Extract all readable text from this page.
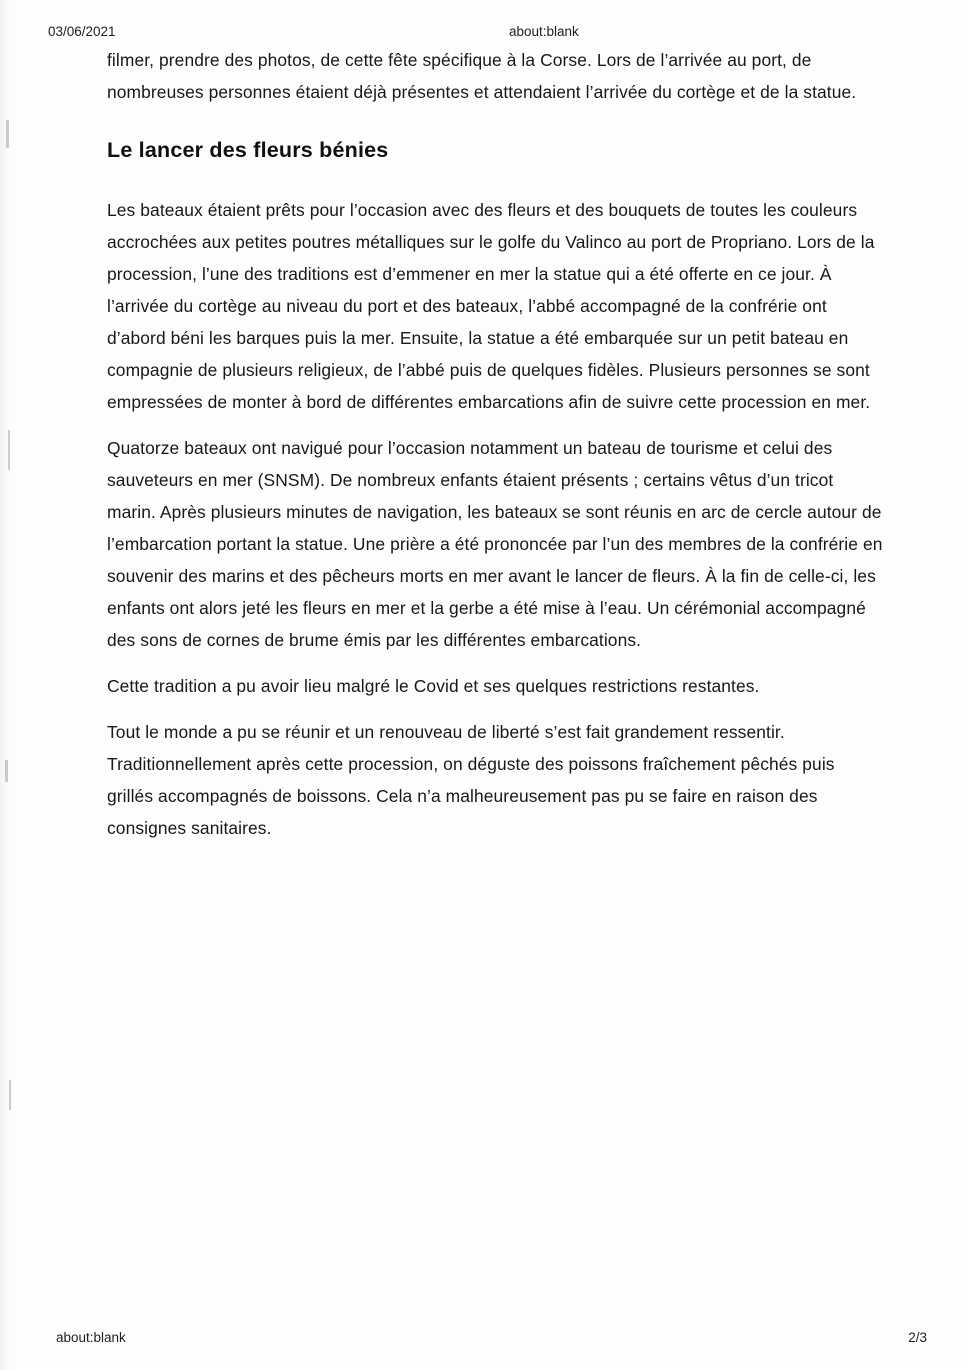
03/06/2021	about:blank

filmer, prendre des photos, de cette fête spécifique à la Corse. Lors de l’arrivée au port, de nombreuses personnes étaient déjà présentes et attendaient l’arrivée du cortège et de la statue.

Le lancer des fleurs bénies

Les bateaux étaient prêts pour l’occasion avec des fleurs et des bouquets de toutes les couleurs accrochées aux petites poutres métalliques sur le golfe du Valinco au port de Propriano. Lors de la procession, l’une des traditions est d’emmener en mer la statue qui a été offerte en ce jour. À l’arrivée du cortège au niveau du port et des bateaux, l’abbé accompagné de la confrérie ont d’abord béni les barques puis la mer. Ensuite, la statue a été embarquée sur un petit bateau en compagnie de plusieurs religieux, de l’abbé puis de quelques fidèles. Plusieurs personnes se sont empressées de monter à bord de différentes embarcations afin de suivre cette procession en mer.

Quatorze bateaux ont navigué pour l’occasion notamment un bateau de tourisme et celui des sauveteurs en mer (SNSM). De nombreux enfants étaient présents ; certains vêtus d’un tricot marin. Après plusieurs minutes de navigation, les bateaux se sont réunis en arc de cercle autour de l’embarcation portant la statue. Une prière a été prononcée par l’un des membres de la confrérie en souvenir des marins et des pêcheurs morts en mer avant le lancer de fleurs. À la fin de celle-ci, les enfants ont alors jeté les fleurs en mer et la gerbe a été mise à l’eau. Un cérémonial accompagné des sons de cornes de brume émis par les différentes embarcations.

Cette tradition a pu avoir lieu malgré le Covid et ses quelques restrictions restantes.

Tout le monde a pu se réunir et un renouveau de liberté s’est fait grandement ressentir. Traditionnellement après cette procession, on déguste des poissons fraîchement pêchés puis grillés accompagnés de boissons. Cela n’a malheureusement pas pu se faire en raison des consignes sanitaires.

about:blank	2/3
